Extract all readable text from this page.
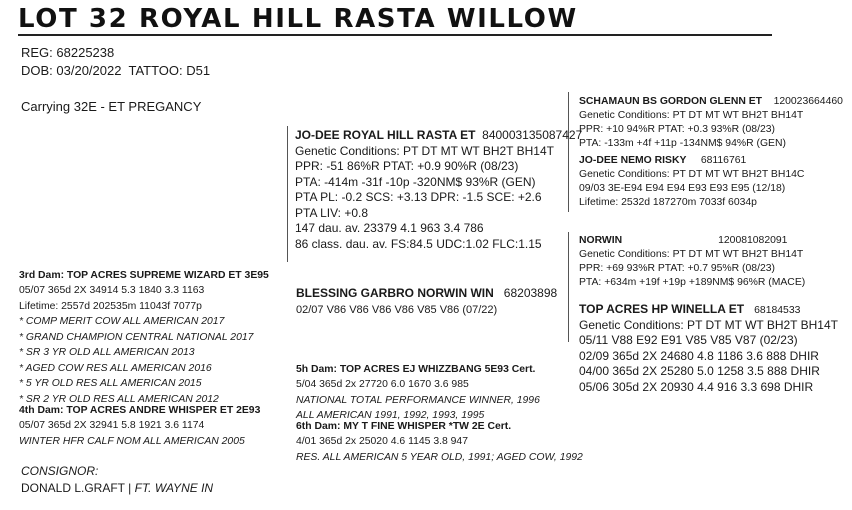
LOT 32 ROYAL HILL RASTA WILLOW
REG: 68225238
DOB: 03/20/2022 TATTOO: D51
Carrying 32E - ET PREGANCY
JO-DEE ROYAL HILL RASTA ET 840003135087427
Genetic Conditions: PT DT MT WT BH2T BH14T
PPR: -51 86%R PTAT: +0.9 90%R (08/23)
PTA: -414m -31f -10p -320NM$ 93%R (GEN)
PTA PL: -0.2 SCS: +3.13 DPR: -1.5 SCE: +2.6
PTA LIV: +0.8
147 dau. av. 23379 4.1 963 3.4 786
86 class. dau. av. FS:84.5 UDC:1.02 FLC:1.15
SCHAMAUN BS GORDON GLENN ET 120023664460
Genetic Conditions: PT DT MT WT BH2T BH14T
PPR: +10 94%R PTAT: +0.3 93%R (08/23)
PTA: -133m +4f +11p -134NM$ 94%R (GEN)
JO-DEE NEMO RISKY 68116761
Genetic Conditions: PT DT MT WT BH2T BH14C
09/03 3E-E94 E94 E94 E93 E93 E95 (12/18)
Lifetime: 2532d 187270m 7033f 6034p
NORWIN	120081082091
Genetic Conditions: PT DT MT WT BH2T BH14T
PPR: +69 93%R PTAT: +0.7 95%R (08/23)
PTA: +634m +19f +19p +189NM$ 96%R (MACE)
TOP ACRES HP WINELLA ET 68184533
Genetic Conditions: PT DT MT WT BH2T BH14T
05/11 V88 E92 E91 V85 V85 V87 (02/23)
02/09 365d 2X 24680 4.8 1186 3.6 888 DHIR
04/00 365d 2X 25280 5.0 1258 3.5 888 DHIR
05/06 305d 2X 20930 4.4 916 3.3 698 DHIR
BLESSING GARBRO NORWIN WIN 68203898
02/07 V86 V86 V86 V86 V85 V86 (07/22)
3rd Dam: TOP ACRES SUPREME WIZARD ET 3E95
05/07 365d 2X 34914 5.3 1840 3.3 1163
Lifetime: 2557d 202535m 11043f 7077p
* COMP MERIT COW ALL AMERICAN 2017
* GRAND CHAMPION CENTRAL NATIONAL 2017
* SR 3 YR OLD ALL AMERICAN 2013
* AGED COW RES ALL AMERICAN 2016
* 5 YR OLD RES ALL AMERICAN 2015
* SR 2 YR OLD RES ALL AMERICAN 2012
4th Dam: TOP ACRES ANDRE WHISPER ET 2E93
05/07 365d 2X 32941 5.8 1921 3.6 1174
WINTER HFR CALF NOM ALL AMERICAN 2005
5h Dam: TOP ACRES EJ WHIZZBANG 5E93 Cert.
5/04 365d 2x 27720 6.0 1670 3.6 985
NATIONAL TOTAL PERFORMANCE WINNER, 1996
ALL AMERICAN 1991, 1992, 1993, 1995
6th Dam: MY T FINE WHISPER *TW 2E Cert.
4/01 365d 2x 25020 4.6 1145 3.8 947
RES. ALL AMERICAN 5 YEAR OLD, 1991; AGED COW, 1992
CONSIGNOR:
DONALD L.GRAFT | FT. WAYNE IN
